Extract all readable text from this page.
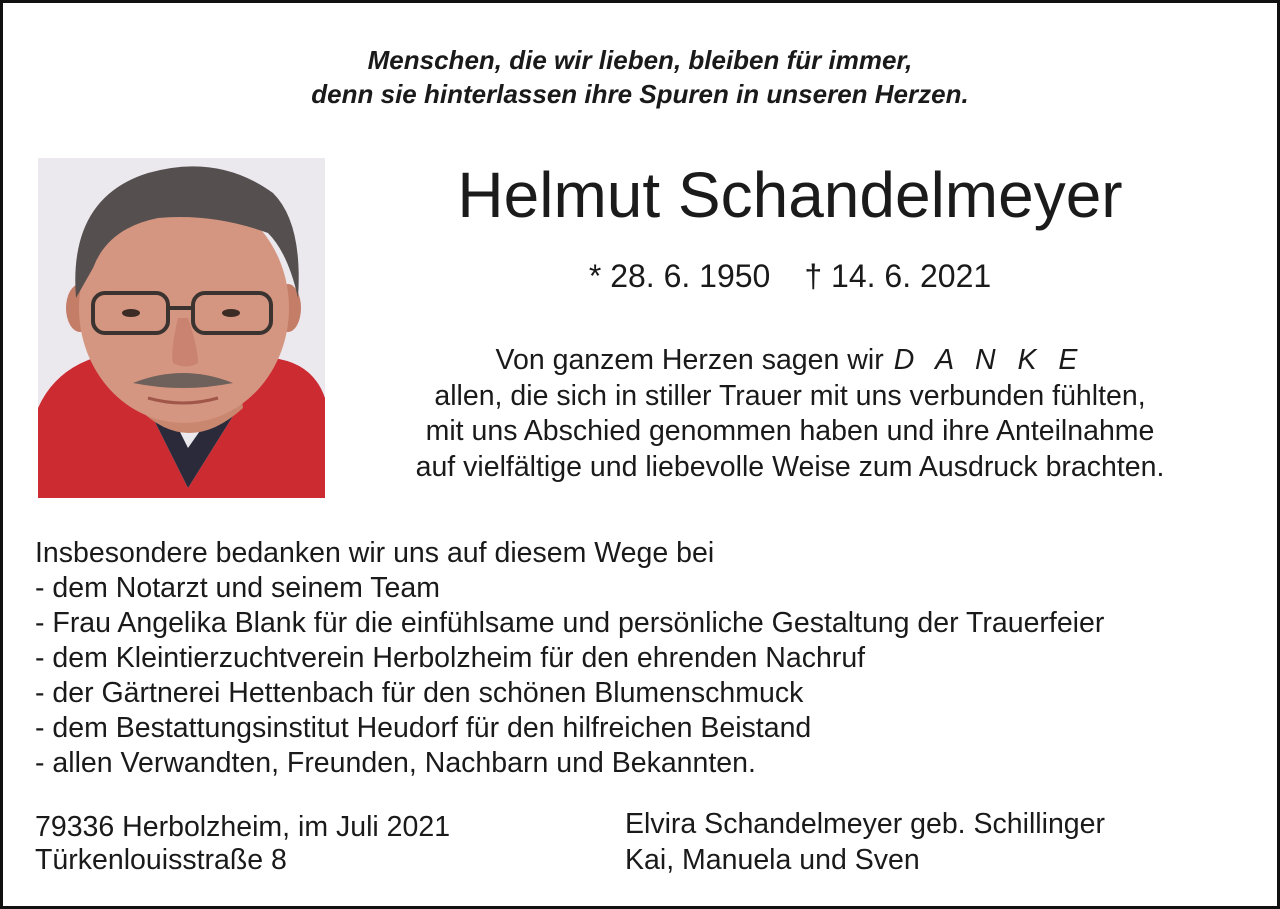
Menschen, die wir lieben, bleiben für immer,
denn sie hinterlassen ihre Spuren in unseren Herzen.
Helmut Schandelmeyer
* 28. 6. 1950 † 14. 6. 2021
Von ganzem Herzen sagen wir D A N K E
allen, die sich in stiller Trauer mit uns verbunden fühlten,
mit uns Abschied genommen haben und ihre Anteilnahme
auf vielfältige und liebevolle Weise zum Ausdruck brachten.
Insbesondere bedanken wir uns auf diesem Wege bei
- dem Notarzt und seinem Team
- Frau Angelika Blank für die einfühlsame und persönliche Gestaltung der Trauerfeier
- dem Kleintierzuchtverein Herbolzheim für den ehrenden Nachruf
- der Gärtnerei Hettenbach für den schönen Blumenschmuck
- dem Bestattungsinstitut Heudorf für den hilfreichen Beistand
- allen Verwandten, Freunden, Nachbarn und Bekannten.
79336 Herbolzheim, im Juli 2021
Türkenlouisstraße 8
Elvira Schandelmeyer geb. Schillinger
Kai, Manuela und Sven
